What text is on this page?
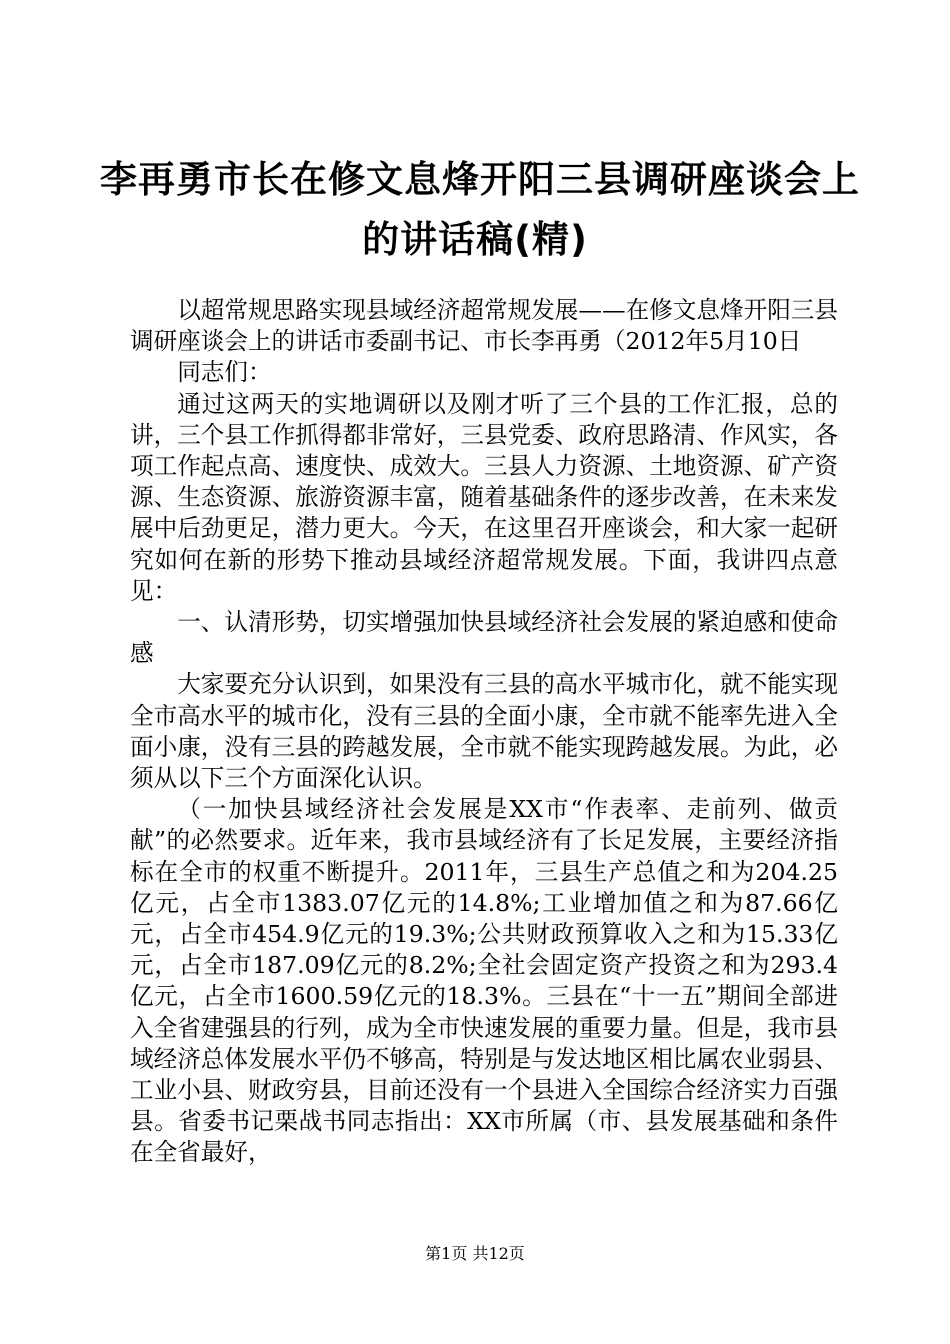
李再勇市长在修文息烽开阳三县调研座谈会上
的讲话稿(精)

以超常规思路实现县域经济超常规发展——在修文息烽开阳三县调研座谈会上的讲话市委副书记、市长李再勇（2012年5月10日

同志们：

通过这两天的实地调研以及刚才听了三个县的工作汇报，总的讲，三个县工作抓得都非常好，三县党委、政府思路清、作风实，各项工作起点高、速度快、成效大。三县人力资源、土地资源、矿产资源、生态资源、旅游资源丰富，随着基础条件的逐步改善，在未来发展中后劲更足，潜力更大。今天，在这里召开座谈会，和大家一起研究如何在新的形势下推动县域经济超常规发展。下面，我讲四点意见：

一、认清形势，切实增强加快县域经济社会发展的紧迫感和使命感

大家要充分认识到，如果没有三县的高水平城市化，就不能实现全市高水平的城市化，没有三县的全面小康，全市就不能率先进入全面小康，没有三县的跨越发展，全市就不能实现跨越发展。为此，必须从以下三个方面深化认识。

（一加快县域经济社会发展是XX市“作表率、走前列、做贡献”的必然要求。近年来，我市县域经济有了长足发展，主要经济指标在全市的权重不断提升。2011年，三县生产总值之和为204.25亿元，占全市1383.07亿元的14.8%;工业增加值之和为87.66亿元，占全市454.9亿元的19.3%;公共财政预算收入之和为15.33亿元，占全市187.09亿元的8.2%;全社会固定资产投资之和为293.4亿元，占全市1600.59亿元的18.3%。三县在“十一五”期间全部进入全省建强县的行列，成为全市快速发展的重要力量。但是，我市县域经济总体发展水平仍不够高，特别是与发达地区相比属农业弱县、工业小县、财政穷县，目前还没有一个县进入全国综合经济实力百强县。省委书记栗战书同志指出：XX市所属（市、县发展基础和条件在全省最好，

第1页 共12页
